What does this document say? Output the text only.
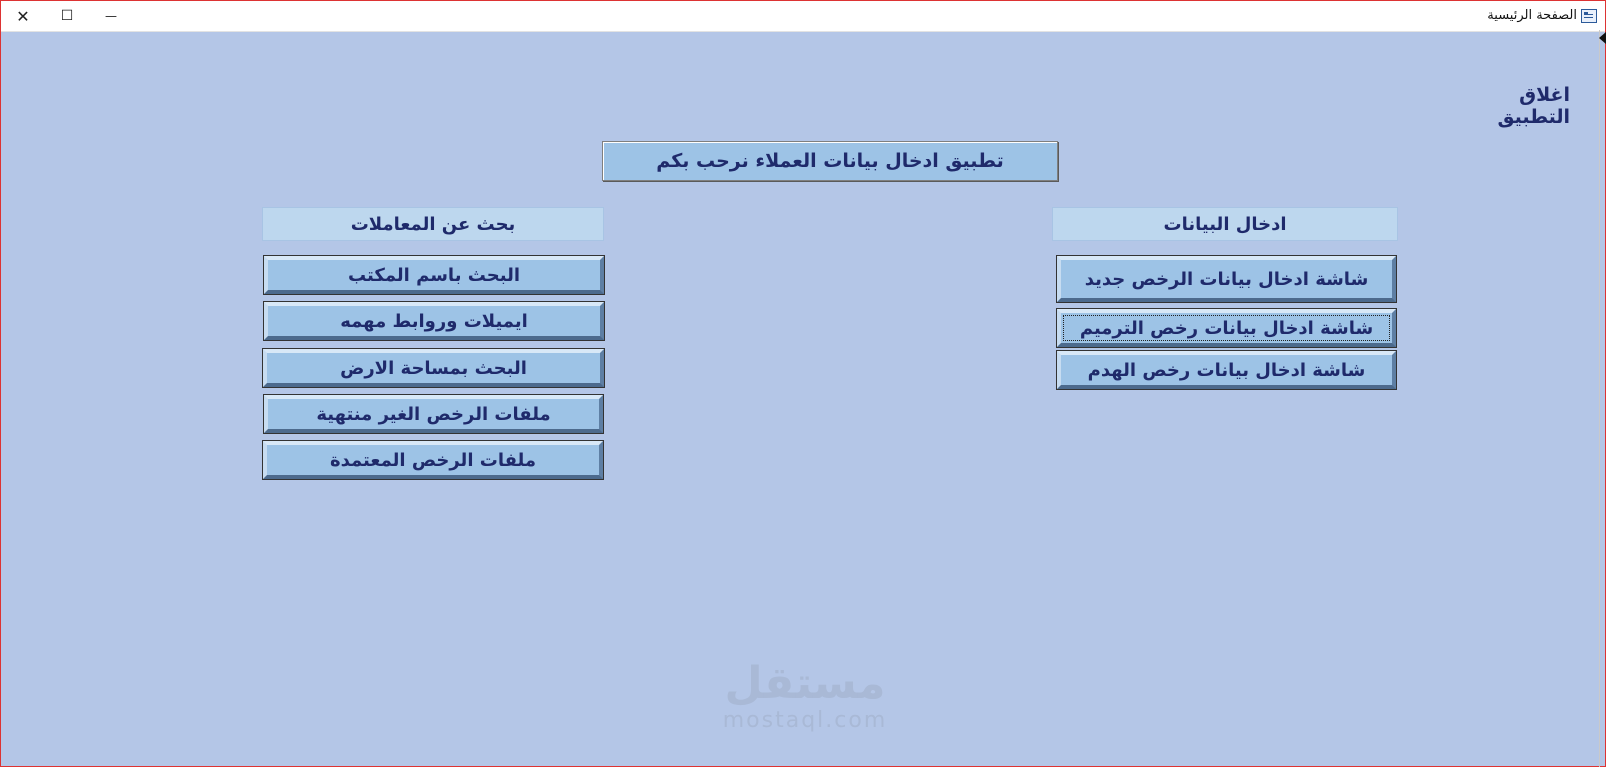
✕ ☐	—	الصفحة الرئيسية
اغلاق التطبيق
تطبيق ادخال بيانات العملاء نرحب بكم
بحث عن المعاملات
البحث باسم المكتب
ايميلات وروابط مهمه
البحث بمساحة الارض
ملفات الرخص الغير منتهية
ملفات الرخص المعتمدة
ادخال البيانات
شاشة ادخال بيانات الرخص جديد
شاشة ادخال بيانات رخص الترميم
شاشة ادخال بيانات رخص الهدم
مستقل
mostaql.com
